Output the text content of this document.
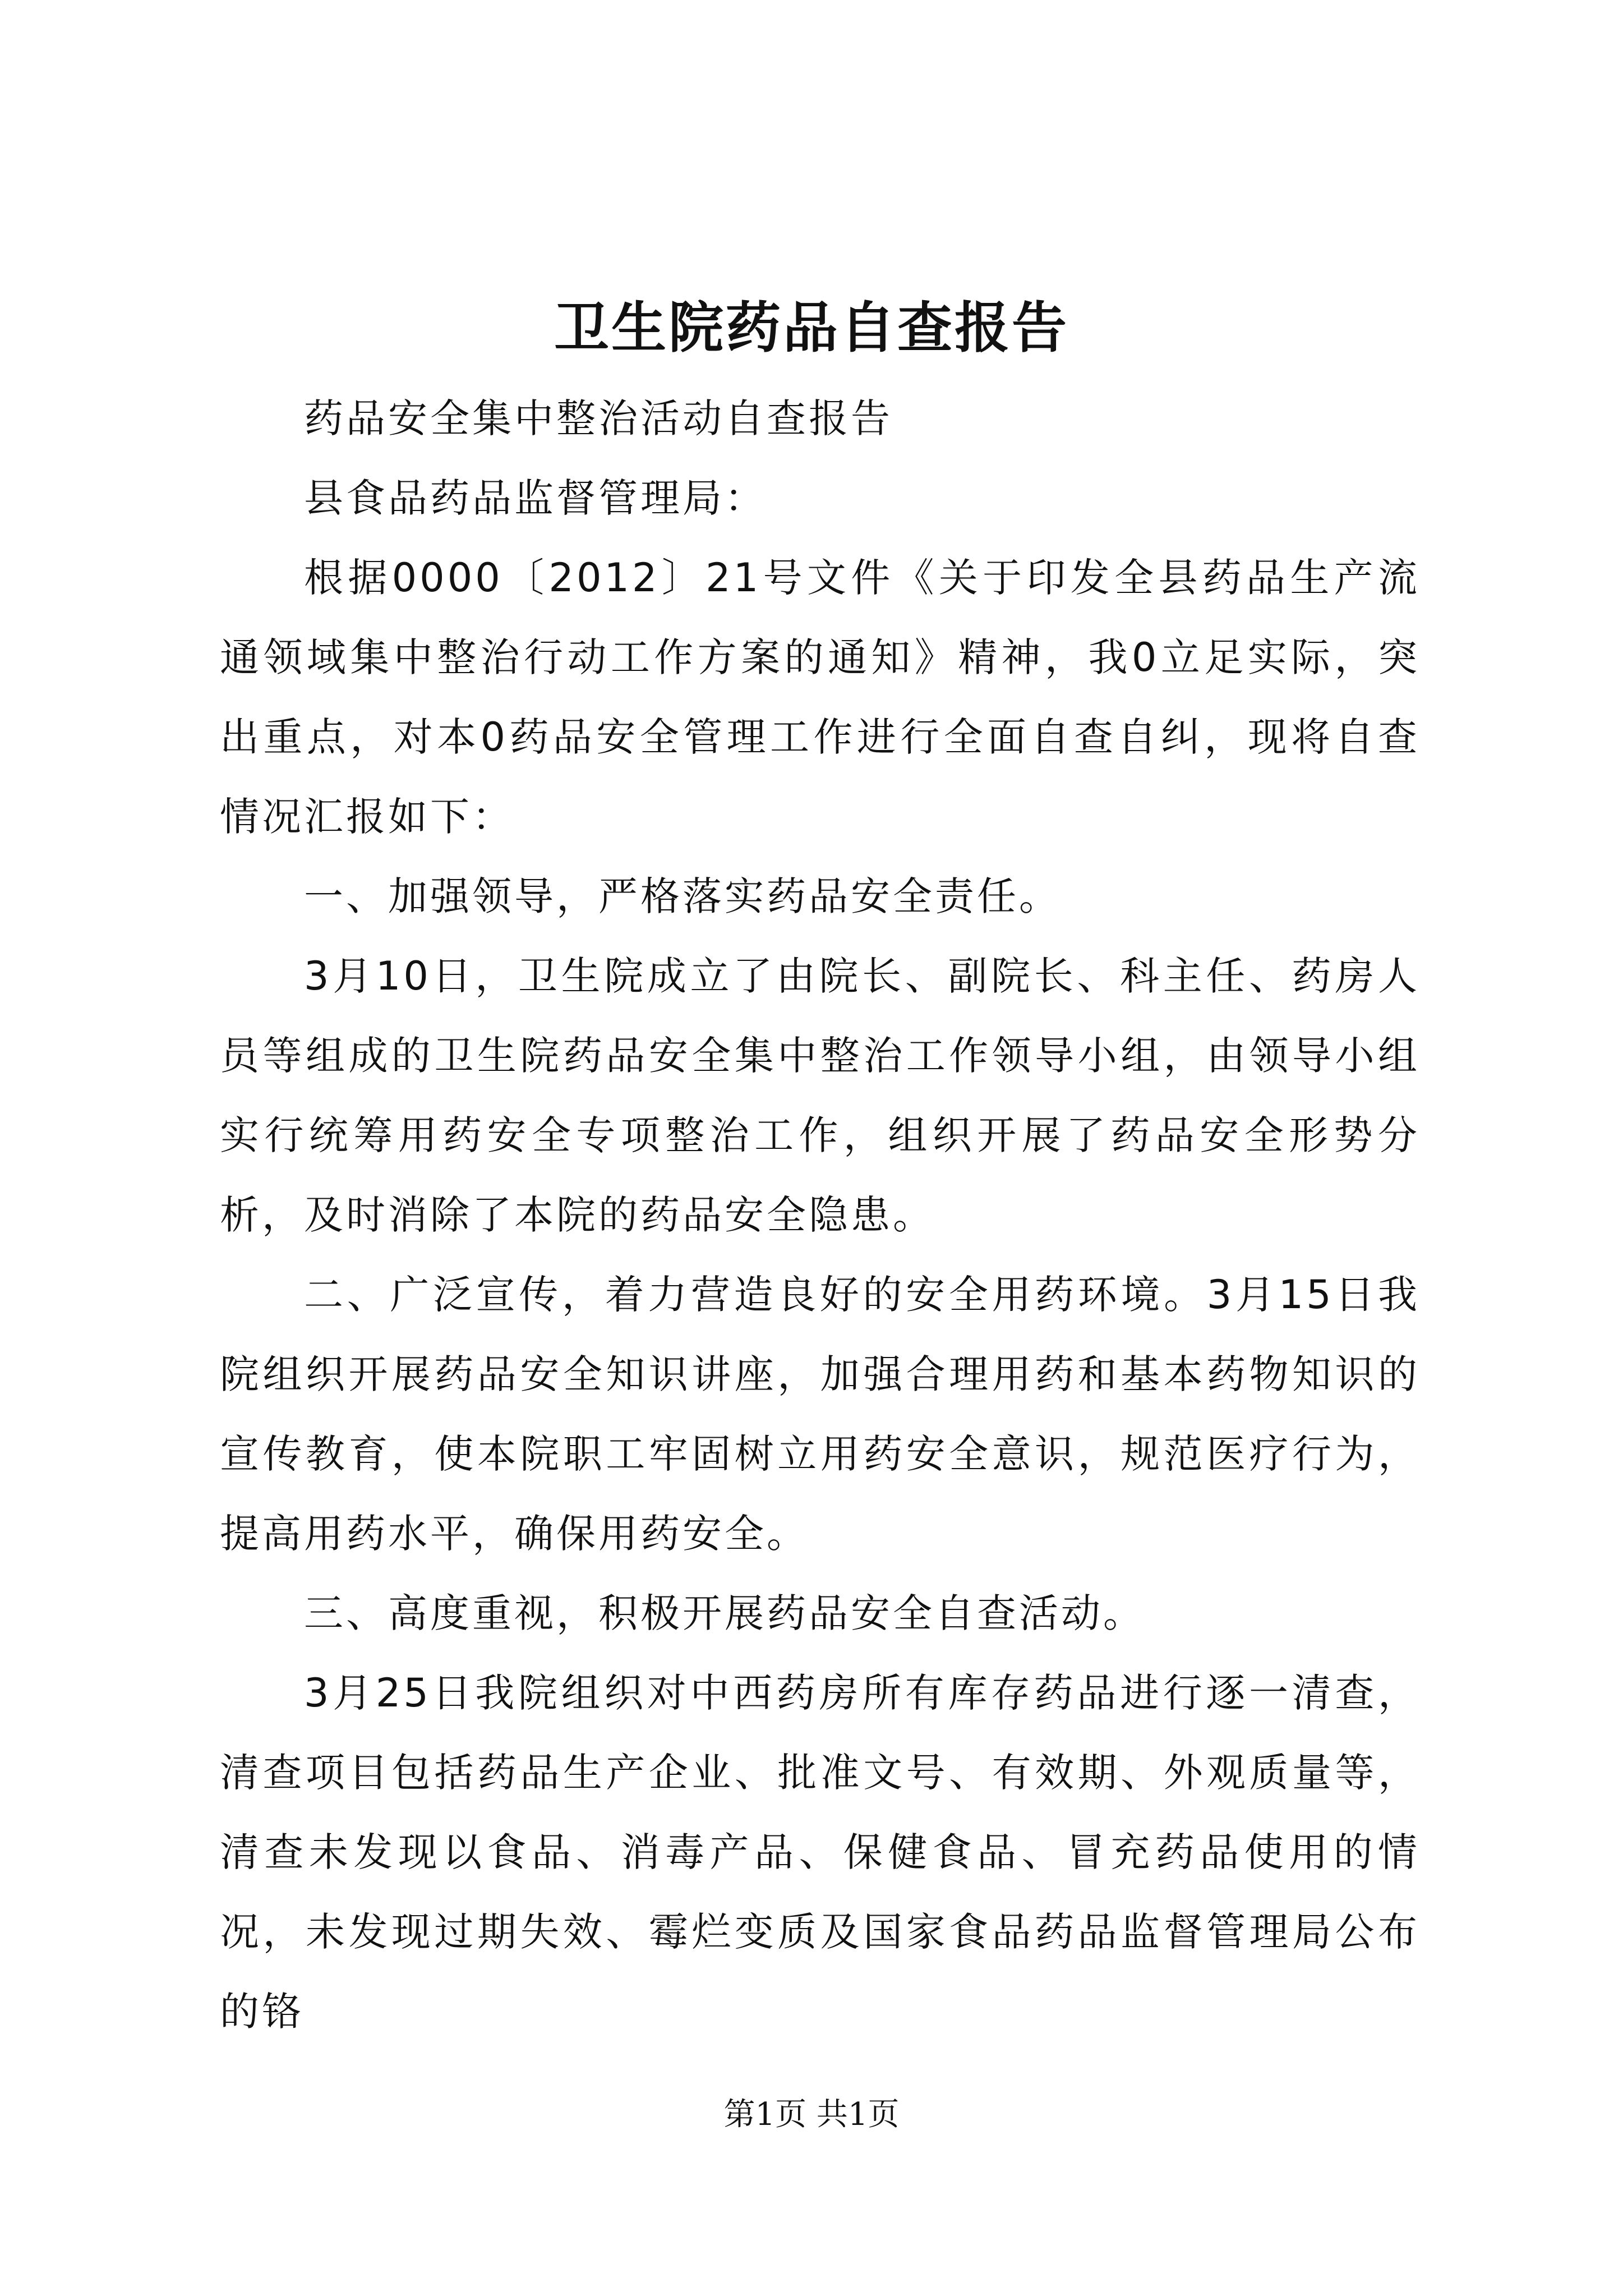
卫生院药品自查报告

药品安全集中整治活动自查报告

县食品药品监督管理局：

根据0000〔2012〕21号文件《关于印发全县药品生产流通领域集中整治行动工作方案的通知》精神，我0立足实际，突出重点，对本0药品安全管理工作进行全面自查自纠，现将自查情况汇报如下：

一、加强领导，严格落实药品安全责任。

3月10日，卫生院成立了由院长、副院长、科主任、药房人员等组成的卫生院药品安全集中整治工作领导小组，由领导小组实行统筹用药安全专项整治工作，组织开展了药品安全形势分析，及时消除了本院的药品安全隐患。

二、广泛宣传，着力营造良好的安全用药环境。3月15日我院组织开展药品安全知识讲座，加强合理用药和基本药物知识的宣传教育，使本院职工牢固树立用药安全意识，规范医疗行为，提高用药水平，确保用药安全。

三、高度重视，积极开展药品安全自查活动。

3月25日我院组织对中西药房所有库存药品进行逐一清查，清查项目包括药品生产企业、批准文号、有效期、外观质量等，清查未发现以食品、消毒产品、保健食品、冒充药品使用的情况，未发现过期失效、霉烂变质及国家食品药品监督管理局公布的铬

第1页 共1页
